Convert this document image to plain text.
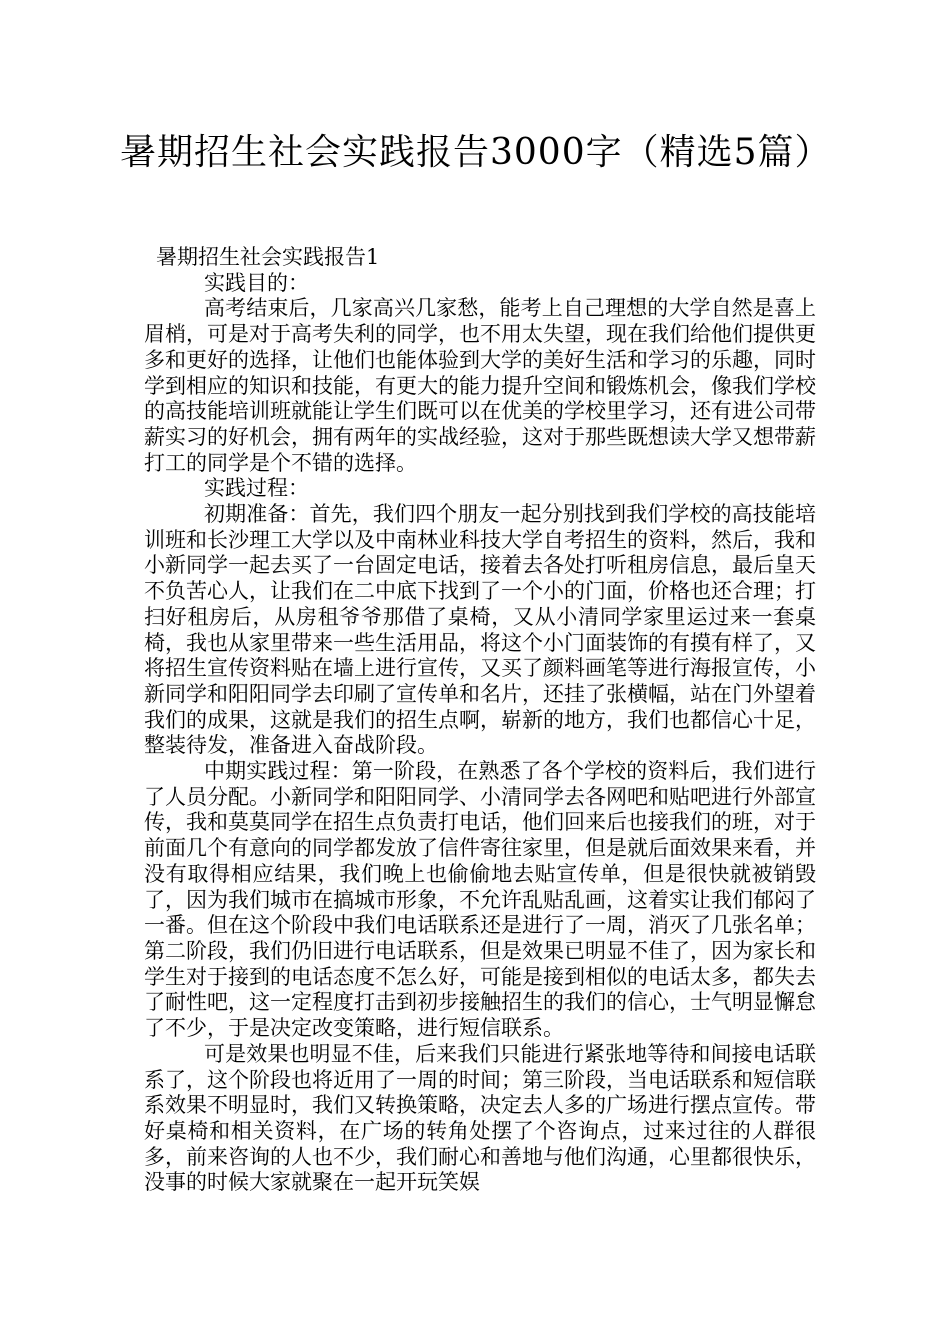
暑期招生社会实践报告3000字（精选5篇）

暑期招生社会实践报告1

实践目的：

高考结束后，几家高兴几家愁，能考上自己理想的大学自然是喜上眉梢，可是对于高考失利的同学，也不用太失望，现在我们给他们提供更多和更好的选择，让他们也能体验到大学的美好生活和学习的乐趣，同时学到相应的知识和技能，有更大的能力提升空间和锻炼机会，像我们学校的高技能培训班就能让学生们既可以在优美的学校里学习，还有进公司带薪实习的好机会，拥有两年的实战经验，这对于那些既想读大学又想带薪打工的同学是个不错的选择。

实践过程：

初期准备：首先，我们四个朋友一起分别找到我们学校的高技能培训班和长沙理工大学以及中南林业科技大学自考招生的资料，然后，我和小新同学一起去买了一台固定电话，接着去各处打听租房信息，最后皇天不负苦心人，让我们在二中底下找到了一个小的门面，价格也还合理；打扫好租房后，从房租爷爷那借了桌椅，又从小清同学家里运过来一套桌椅，我也从家里带来一些生活用品，将这个小门面装饰的有摸有样了，又将招生宣传资料贴在墙上进行宣传，又买了颜料画笔等进行海报宣传，小新同学和阳阳同学去印刷了宣传单和名片，还挂了张横幅，站在门外望着我们的成果，这就是我们的招生点啊，崭新的地方，我们也都信心十足，整装待发，准备进入奋战阶段。

中期实践过程：第一阶段，在熟悉了各个学校的资料后，我们进行了人员分配。小新同学和阳阳同学、小清同学去各网吧和贴吧进行外部宣传，我和莫莫同学在招生点负责打电话，他们回来后也接我们的班，对于前面几个有意向的同学都发放了信件寄往家里，但是就后面效果来看，并没有取得相应结果，我们晚上也偷偷地去贴宣传单，但是很快就被销毁了，因为我们城市在搞城市形象，不允许乱贴乱画，这着实让我们郁闷了一番。但在这个阶段中我们电话联系还是进行了一周，消灭了几张名单；第二阶段，我们仍旧进行电话联系，但是效果已明显不佳了，因为家长和学生对于接到的电话态度不怎么好，可能是接到相似的电话太多，都失去了耐性吧，这一定程度打击到初步接触招生的我们的信心，士气明显懈怠了不少，于是决定改变策略，进行短信联系。

可是效果也明显不佳，后来我们只能进行紧张地等待和间接电话联系了，这个阶段也将近用了一周的时间；第三阶段，当电话联系和短信联系效果不明显时，我们又转换策略，决定去人多的广场进行摆点宣传。带好桌椅和相关资料，在广场的转角处摆了个咨询点，过来过往的人群很多，前来咨询的人也不少，我们耐心和善地与他们沟通，心里都很快乐，没事的时候大家就聚在一起开玩笑娱
